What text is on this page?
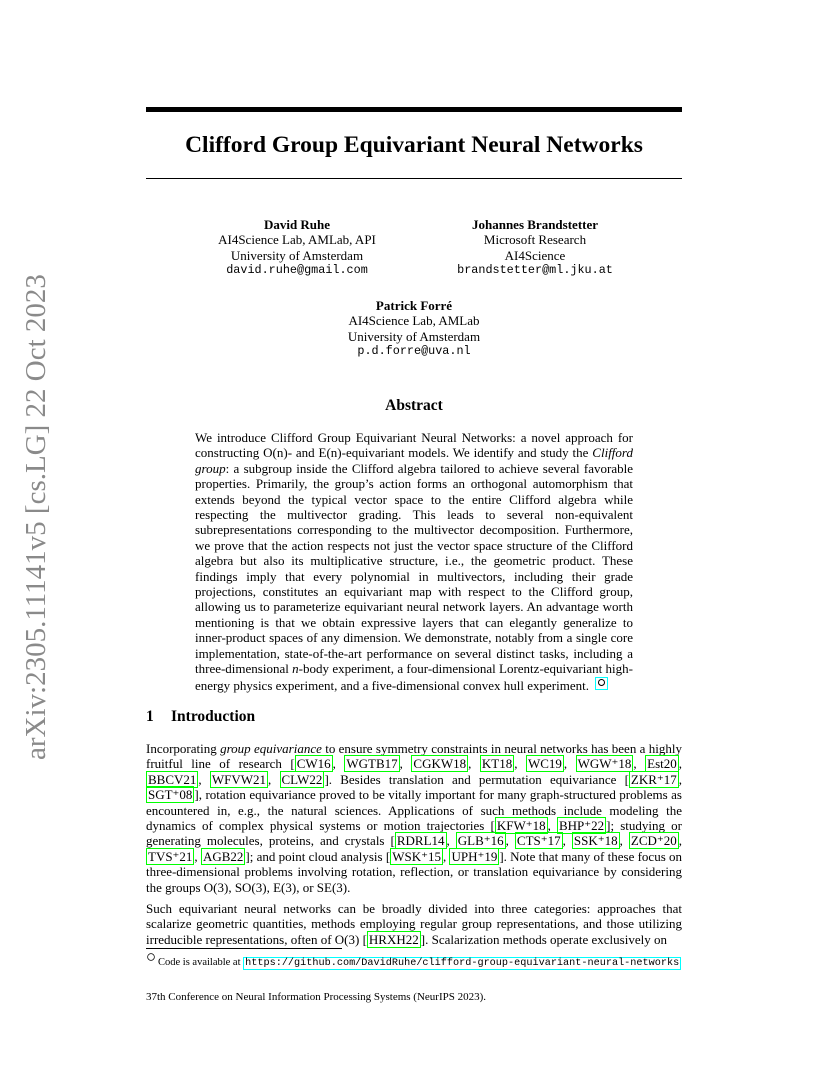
arXiv:2305.11141v5 [cs.LG] 22 Oct 2023
Clifford Group Equivariant Neural Networks
David Ruhe
AI4Science Lab, AMLab, API
University of Amsterdam
david.ruhe@gmail.com
Johannes Brandstetter
Microsoft Research
AI4Science
brandstetter@ml.jku.at
Patrick Forré
AI4Science Lab, AMLab
University of Amsterdam
p.d.forre@uva.nl
Abstract
We introduce Clifford Group Equivariant Neural Networks: a novel approach for constructing O(n)- and E(n)-equivariant models. We identify and study the Clifford group: a subgroup inside the Clifford algebra tailored to achieve several favorable properties. Primarily, the group’s action forms an orthogonal automorphism that extends beyond the typical vector space to the entire Clifford algebra while respecting the multivector grading. This leads to several non-equivalent subrepresentations corresponding to the multivector decomposition. Furthermore, we prove that the action respects not just the vector space structure of the Clifford algebra but also its multiplicative structure, i.e., the geometric product. These findings imply that every polynomial in multivectors, including their grade projections, constitutes an equivariant map with respect to the Clifford group, allowing us to parameterize equivariant neural network layers. An advantage worth mentioning is that we obtain expressive layers that can elegantly generalize to inner-product spaces of any dimension. We demonstrate, notably from a single core implementation, state-of-the-art performance on several distinct tasks, including a three-dimensional n-body experiment, a four-dimensional Lorentz-equivariant high-energy physics experiment, and a five-dimensional convex hull experiment.
1 Introduction

Incorporating group equivariance to ensure symmetry constraints in neural networks has been a highly fruitful line of research [ CW16 , WGTB17 , CGKW18 , KT18 , WC19 , WGW⁺18 , Est20 , BBCV21 , WFVW21 , CLW22 ]. Besides translation and permutation equivariance [ ZKR⁺17 , SGT⁺08 ], rotation equivariance proved to be vitally important for many graph-structured problems as encountered in, e.g., the natural sciences. Applications of such methods include modeling the dynamics of complex physical systems or motion trajectories [ KFW⁺18 , BHP⁺22 ]; studying or generating molecules, proteins, and crystals [ RDRL14 , GLB⁺16 , CTS⁺17 , SSK⁺18 , ZCD⁺20 , TVS⁺21 , AGB22 ]; and point cloud analysis [ WSK⁺15 , UPH⁺19 ]. Note that many of these focus on three-dimensional problems involving rotation, reflection, or translation equivariance by considering the groups O(3), SO(3), E(3), or SE(3).

Such equivariant neural networks can be broadly divided into three categories: approaches that scalarize geometric quantities, methods employing regular group representations, and those utilizing irreducible representations, often of O(3) [ HRXH22 ]. Scalarization methods operate exclusively on

Code is available at https://github.com/DavidRuhe/clifford-group-equivariant-neural-networks
37th Conference on Neural Information Processing Systems (NeurIPS 2023).
